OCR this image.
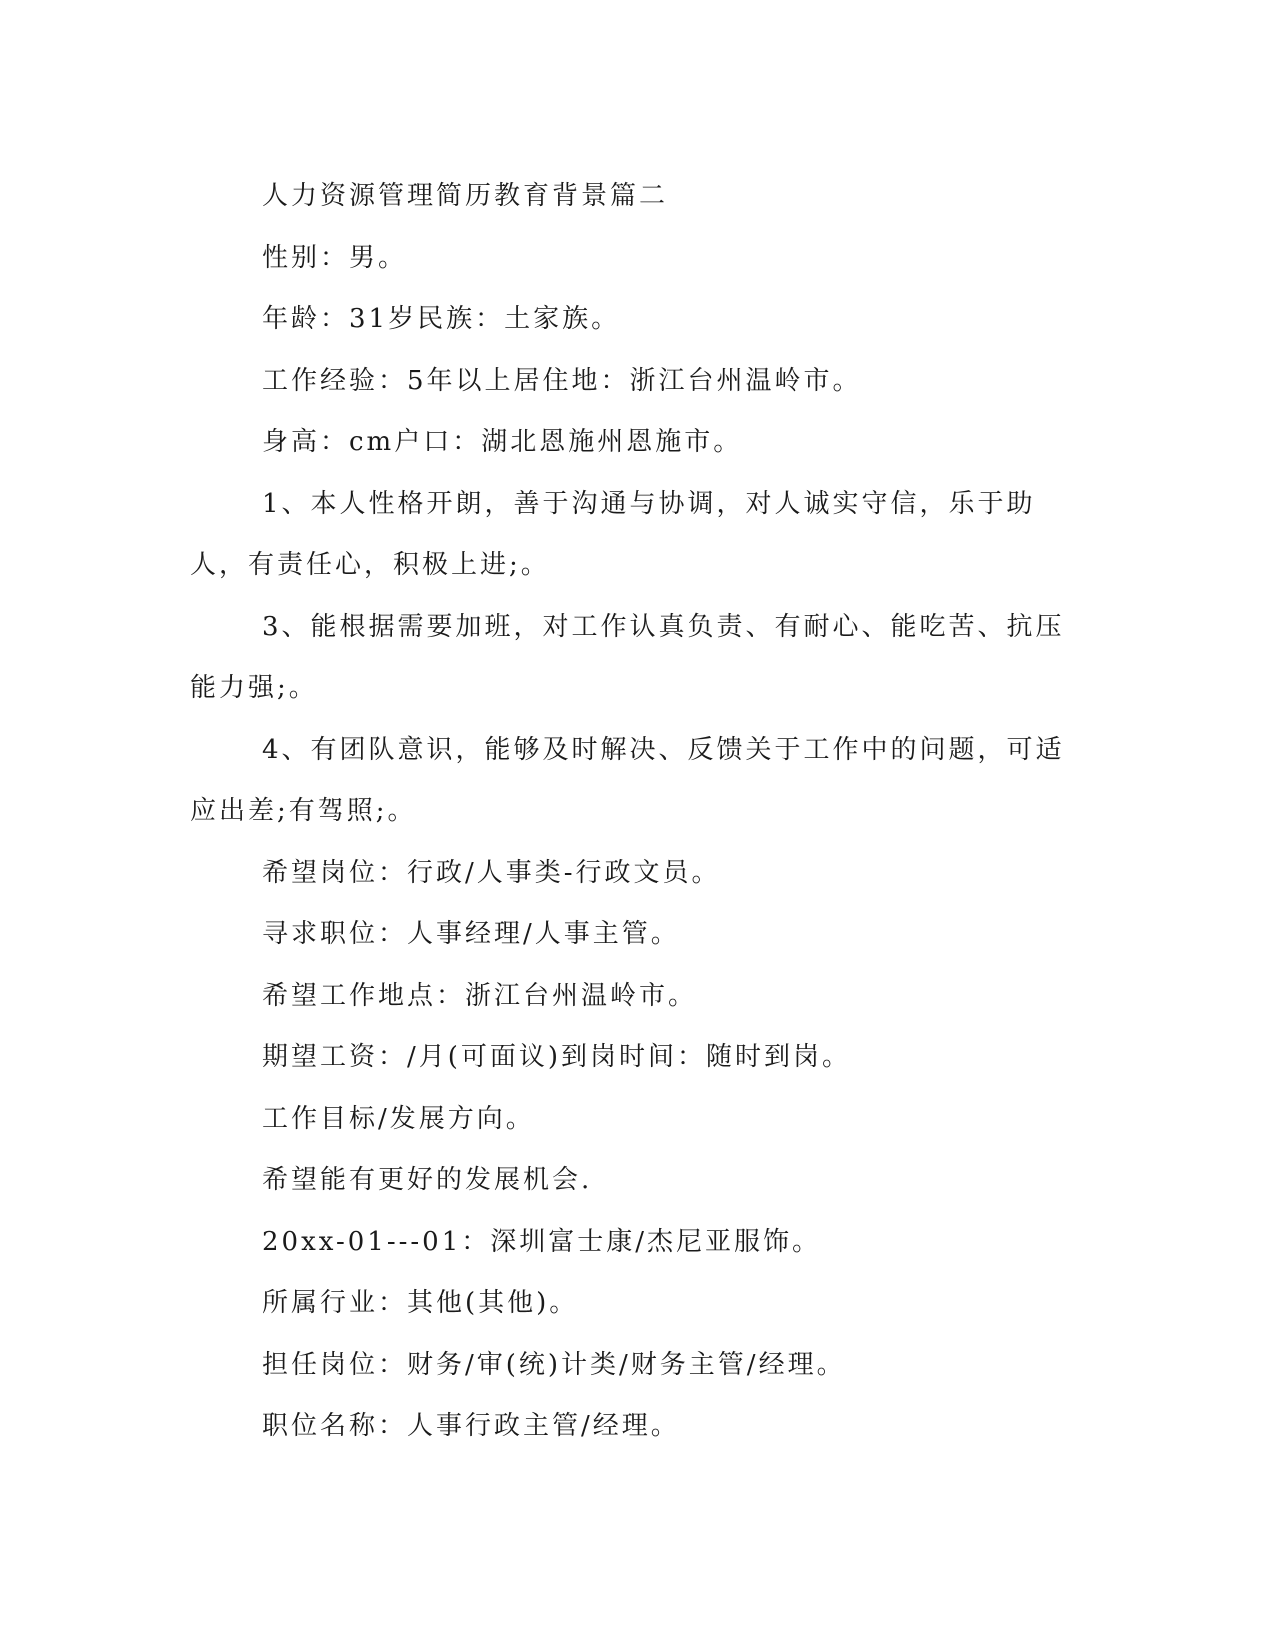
人力资源管理简历教育背景篇二

性别：男。

年龄：31岁民族：土家族。

工作经验：5年以上居住地：浙江台州温岭市。

身高：cm户口：湖北恩施州恩施市。

1、本人性格开朗，善于沟通与协调，对人诚实守信，乐于助人，有责任心，积极上进;。

3、能根据需要加班，对工作认真负责、有耐心、能吃苦、抗压能力强;。

4、有团队意识，能够及时解决、反馈关于工作中的问题，可适应出差;有驾照;。

希望岗位：行政/人事类-行政文员。

寻求职位：人事经理/人事主管。

希望工作地点：浙江台州温岭市。

期望工资：/月(可面议)到岗时间：随时到岗。

工作目标/发展方向。

希望能有更好的发展机会.

20xx-01---01：深圳富士康/杰尼亚服饰。

所属行业：其他(其他)。

担任岗位：财务/审(统)计类/财务主管/经理。

职位名称：人事行政主管/经理。
